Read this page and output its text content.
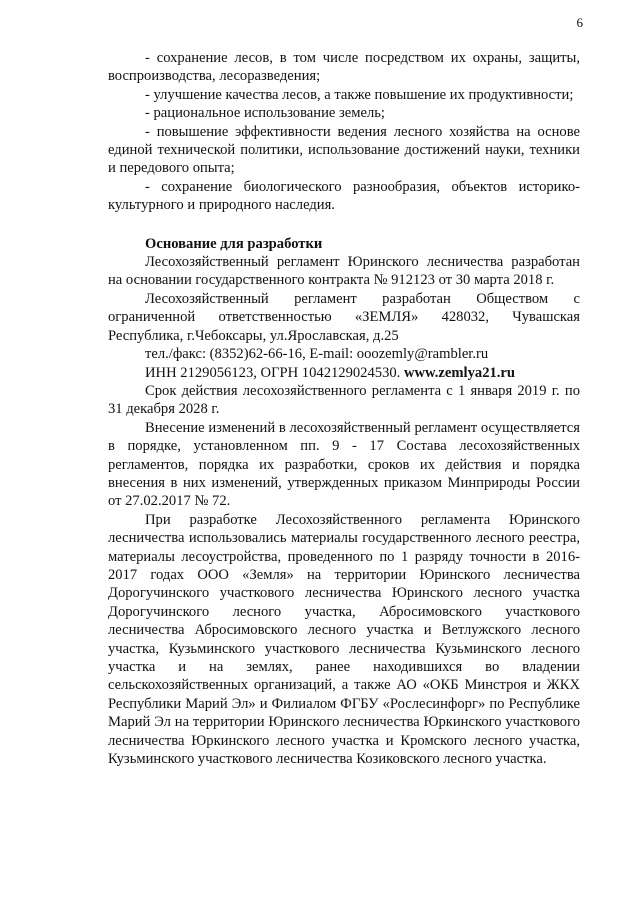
6

- сохранение лесов, в том числе посредством их охраны, защиты, воспроизводства, лесоразведения;

- улучшение качества лесов, а также повышение их продуктивности;

- рациональное использование земель;

- повышение эффективности ведения лесного хозяйства на основе единой технической политики, использование достижений науки, техники и передового опыта;

- сохранение биологического разнообразия, объектов историко-культурного и природного наследия.

Основание для разработки

Лесохозяйственный регламент Юринского лесничества разработан на основании государственного контракта № 912123 от 30 марта 2018 г.

Лесохозяйственный регламент разработан Обществом с ограниченной ответственностью «ЗЕМЛЯ» 428032, Чувашская Республика, г.Чебоксары, ул.Ярославская, д.25

тел./факс: (8352)62-66-16, E-mail: ooozemly@rambler.ru

ИНН 2129056123, ОГРН 1042129024530. www.zemlya21.ru

Срок действия лесохозяйственного регламента с 1 января 2019 г. по 31 декабря 2028 г.

Внесение изменений в лесохозяйственный регламент осуществляется в порядке, установленном пп. 9 - 17 Состава лесохозяйственных регламентов, порядка их разработки, сроков их действия и порядка внесения в них изменений, утвержденных приказом Минприроды России от 27.02.2017 № 72.

При разработке Лесохозяйственного регламента Юринского лесничества использовались материалы государственного лесного реестра, материалы лесоустройства, проведенного по 1 разряду точности в 2016-2017 годах ООО «Земля» на территории Юринского лесничества Дорогучинского участкового лесничества Юринского лесного участка Дорогучинского лесного участка, Абросимовского участкового лесничества Абросимовского лесного участка и Ветлужского лесного участка, Кузьминского участкового лесничества Кузьминского лесного участка и на землях, ранее находившихся во владении сельскохозяйственных организаций, а также АО «ОКБ Минстроя и ЖКХ Республики Марий Эл» и Филиалом ФГБУ «Рослесинфорг» по Республике Марий Эл на территории Юринского лесничества Юркинского участкового лесничества Юркинского лесного участка и Кромского лесного участка, Кузьминского участкового лесничества Козиковского лесного участка.
